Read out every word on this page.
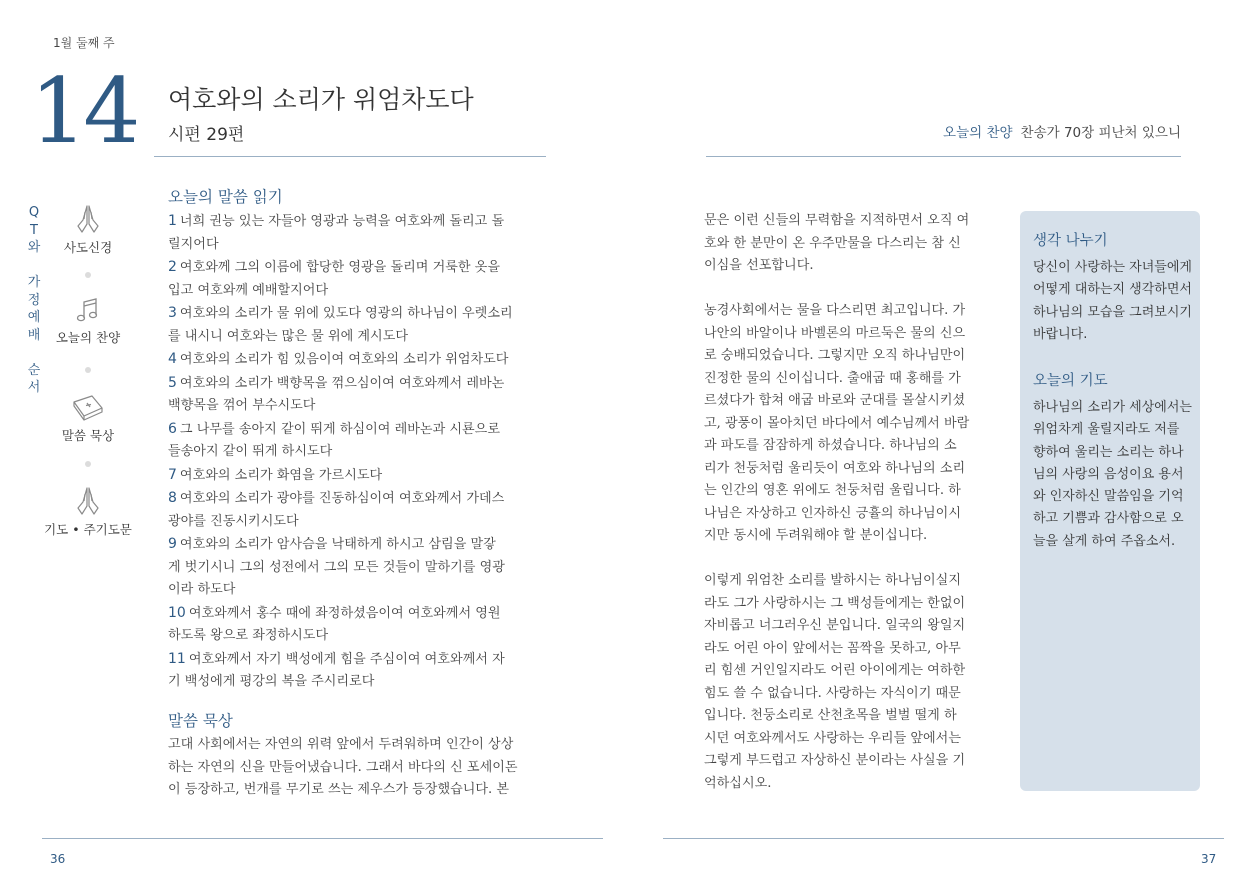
1월 둘째 주
14 여호와의 소리가 위엄차도다
시편 29편	오늘의 찬양 찬송가 70장 피난처 있으니
Q
T
와

가
정
예
배

순
서
사도신경
오늘의 찬양
말씀 묵상
기도 • 주기도문
오늘의 말씀 읽기
1 너희 권능 있는 자들아 영광과 능력을 여호와께 돌리고 돌
릴지어다
2 여호와께 그의 이름에 합당한 영광을 돌리며 거룩한 옷을
입고 여호와께 예배할지어다
3 여호와의 소리가 물 위에 있도다 영광의 하나님이 우렛소리
를 내시니 여호와는 많은 물 위에 계시도다
4 여호와의 소리가 힘 있음이여 여호와의 소리가 위엄차도다
5 여호와의 소리가 백향목을 꺾으심이여 여호와께서 레바논
백향목을 꺾어 부수시도다
6 그 나무를 송아지 같이 뛰게 하심이여 레바논과 시룐으로
들송아지 같이 뛰게 하시도다
7 여호와의 소리가 화염을 가르시도다
8 여호와의 소리가 광야를 진동하심이여 여호와께서 가데스
광야를 진동시키시도다
9 여호와의 소리가 암사슴을 낙태하게 하시고 삼림을 말갛
게 벗기시니 그의 성전에서 그의 모든 것들이 말하기를 영광
이라 하도다
10 여호와께서 홍수 때에 좌정하셨음이여 여호와께서 영원
하도록 왕으로 좌정하시도다
11 여호와께서 자기 백성에게 힘을 주심이여 여호와께서 자
기 백성에게 평강의 복을 주시리로다
말씀 묵상
고대 사회에서는 자연의 위력 앞에서 두려워하며 인간이 상상
하는 자연의 신을 만들어냈습니다. 그래서 바다의 신 포세이돈
이 등장하고, 번개를 무기로 쓰는 제우스가 등장했습니다. 본
문은 이런 신들의 무력함을 지적하면서 오직 여
호와 한 분만이 온 우주만물을 다스리는 참 신
이심을 선포합니다.
농경사회에서는 물을 다스리면 최고입니다. 가
나안의 바알이나 바벨론의 마르둑은 물의 신으
로 숭배되었습니다. 그렇지만 오직 하나님만이
진정한 물의 신이십니다. 출애굽 때 홍해를 가
르셨다가 합쳐 애굽 바로와 군대를 몰살시키셨
고, 광풍이 몰아치던 바다에서 예수님께서 바람
과 파도를 잠잠하게 하셨습니다. 하나님의 소
리가 천둥처럼 울리듯이 여호와 하나님의 소리
는 인간의 영혼 위에도 천둥처럼 울립니다. 하
나님은 자상하고 인자하신 긍휼의 하나님이시
지만 동시에 두려워해야 할 분이십니다.
이렇게 위엄찬 소리를 발하시는 하나님이실지
라도 그가 사랑하시는 그 백성들에게는 한없이
자비롭고 너그러우신 분입니다. 일국의 왕일지
라도 어린 아이 앞에서는 꼼짝을 못하고, 아무
리 힘센 거인일지라도 어린 아이에게는 여하한
힘도 쓸 수 없습니다. 사랑하는 자식이기 때문
입니다. 천둥소리로 산천초목을 벌벌 떨게 하
시던 여호와께서도 사랑하는 우리들 앞에서는
그렇게 부드럽고 자상하신 분이라는 사실을 기
억하십시오.
생각 나누기
당신이 사랑하는 자녀들에게
어떻게 대하는지 생각하면서
하나님의 모습을 그려보시기
바랍니다.
오늘의 기도
하나님의 소리가 세상에서는
위엄차게 울릴지라도 저를
향하여 울리는 소리는 하나
님의 사랑의 음성이요 용서
와 인자하신 말씀임을 기억
하고 기쁨과 감사함으로 오
늘을 살게 하여 주옵소서.
36	37
